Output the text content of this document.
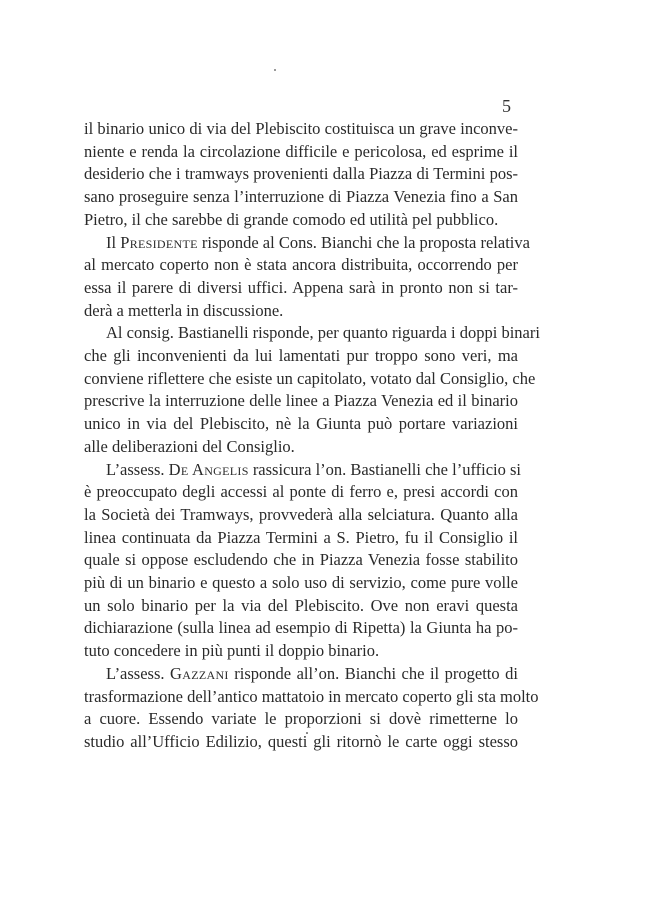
5
il binario unico di via del Plebiscito costituisca un grave inconve-
niente e renda la circolazione difficile e pericolosa, ed esprime il
desiderio che i tramways provenienti dalla Piazza di Termini pos-
sano proseguire senza l’interruzione di Piazza Venezia fino a San
Pietro, il che sarebbe di grande comodo ed utilità pel pubblico.
Il Presidente risponde al Cons. Bianchi che la proposta relativa
al mercato coperto non è stata ancora distribuita, occorrendo per
essa il parere di diversi uffici. Appena sarà in pronto non si tar-
derà a metterla in discussione.
Al consig. Bastianelli risponde, per quanto riguarda i doppi binari
che gli inconvenienti da lui lamentati pur troppo sono veri, ma
conviene riflettere che esiste un capitolato, votato dal Consiglio, che
prescrive la interruzione delle linee a Piazza Venezia ed il binario
unico in via del Plebiscito, nè la Giunta può portare variazioni
alle deliberazioni del Consiglio.
L’assess. De Angelis rassicura l’on. Bastianelli che l’ufficio si
è preoccupato degli accessi al ponte di ferro e, presi accordi con
la Società dei Tramways, provvederà alla selciatura. Quanto alla
linea continuata da Piazza Termini a S. Pietro, fu il Consiglio il
quale si oppose escludendo che in Piazza Venezia fosse stabilito
più di un binario e questo a solo uso di servizio, come pure volle
un solo binario per la via del Plebiscito. Ove non eravi questa
dichiarazione (sulla linea ad esempio di Ripetta) la Giunta ha po-
tuto concedere in più punti il doppio binario.
L’assess. Gazzani risponde all’on. Bianchi che il progetto di
trasformazione dell’antico mattatoio in mercato coperto gli sta molto
a cuore. Essendo variate le proporzioni si dovè rimetterne lo
studio all’Ufficio Edilizio, questi gli ritornò le carte oggi stesso
